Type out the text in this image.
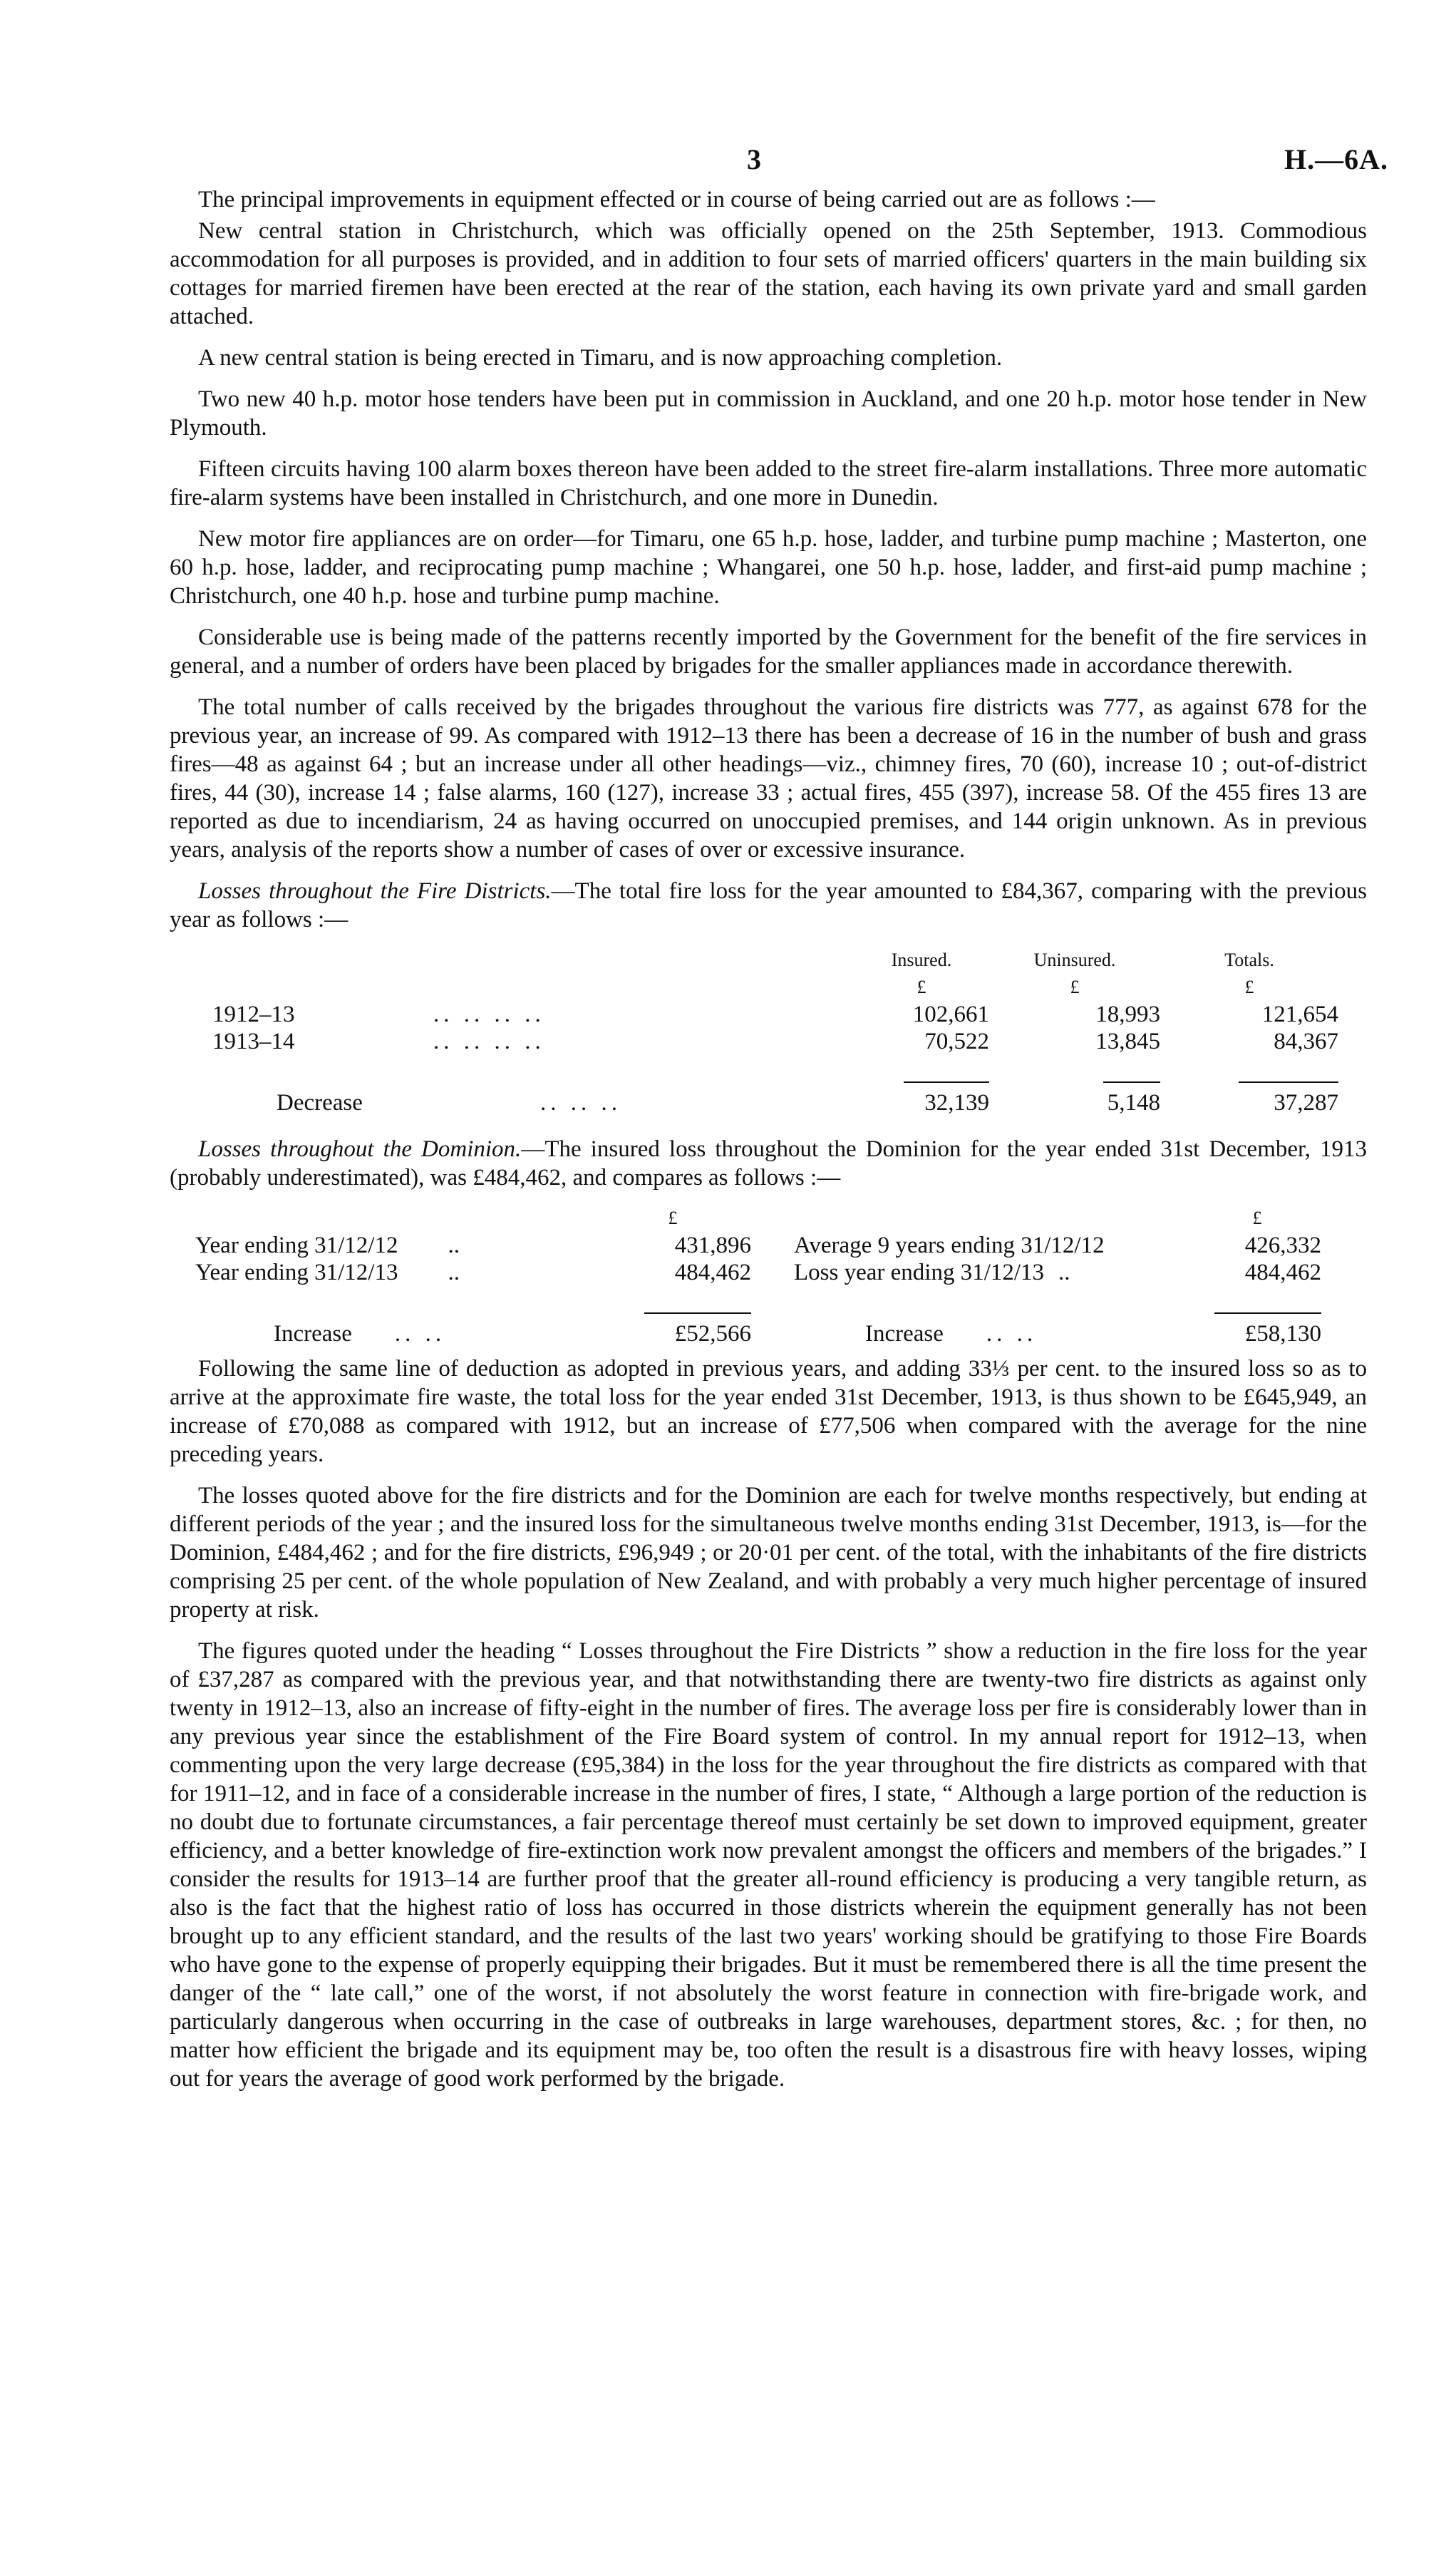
3	H.—6A.

The principal improvements in equipment effected or in course of being carried out are as follows :—

New central station in Christchurch, which was officially opened on the 25th September, 1913. Commodious accommodation for all purposes is provided, and in addition to four sets of married officers' quarters in the main building six cottages for married firemen have been erected at the rear of the station, each having its own private yard and small garden attached.

A new central station is being erected in Timaru, and is now approaching completion.

Two new 40 h.p. motor hose tenders have been put in commission in Auckland, and one 20 h.p. motor hose tender in New Plymouth.

Fifteen circuits having 100 alarm boxes thereon have been added to the street fire-alarm installations. Three more automatic fire-alarm systems have been installed in Christchurch, and one more in Dunedin.

New motor fire appliances are on order—for Timaru, one 65 h.p. hose, ladder, and turbine pump machine ; Masterton, one 60 h.p. hose, ladder, and reciprocating pump machine ; Whangarei, one 50 h.p. hose, ladder, and first-aid pump machine ; Christchurch, one 40 h.p. hose and turbine pump machine.

Considerable use is being made of the patterns recently imported by the Government for the benefit of the fire services in general, and a number of orders have been placed by brigades for the smaller appliances made in accordance therewith.

The total number of calls received by the brigades throughout the various fire districts was 777, as against 678 for the previous year, an increase of 99. As compared with 1912–13 there has been a decrease of 16 in the number of bush and grass fires—48 as against 64 ; but an increase under all other headings—viz., chimney fires, 70 (60), increase 10 ; out-of-district fires, 44 (30), increase 14 ; false alarms, 160 (127), increase 33 ; actual fires, 455 (397), increase 58. Of the 455 fires 13 are reported as due to incendiarism, 24 as having occurred on unoccupied premises, and 144 origin unknown. As in previous years, analysis of the reports show a number of cases of over or excessive insurance.

Losses throughout the Fire Districts.—The total fire loss for the year amounted to £84,367, comparing with the previous year as follows :—

		Insured.	Uninsured.	Totals.
		£	£	£
1912–13	.. .. .. ..	102,661	18,993	121,654
1913–14	.. .. .. ..	70,522	13,845	84,367

Decrease	.. .. ..	32,139	5,148	37,287

Losses throughout the Dominion.—The insured loss throughout the Dominion for the year ended 31st December, 1913 (probably underestimated), was £484,462, and compares as follows :—

	£		£
Year ending 31/12/12 ..	431,896	Average 9 years ending 31/12/12	426,332
Year ending 31/12/13 ..	484,462	Loss year ending 31/12/13 ..	484,462

Increase .. ..	£52,566	Increase .. ..	£58,130

Following the same line of deduction as adopted in previous years, and adding 33⅓ per cent. to the insured loss so as to arrive at the approximate fire waste, the total loss for the year ended 31st December, 1913, is thus shown to be £645,949, an increase of £70,088 as compared with 1912, but an increase of £77,506 when compared with the average for the nine preceding years.

The losses quoted above for the fire districts and for the Dominion are each for twelve months respectively, but ending at different periods of the year ; and the insured loss for the simultaneous twelve months ending 31st December, 1913, is—for the Dominion, £484,462 ; and for the fire districts, £96,949 ; or 20·01 per cent. of the total, with the inhabitants of the fire districts comprising 25 per cent. of the whole population of New Zealand, and with probably a very much higher percentage of insured property at risk.

The figures quoted under the heading “ Losses throughout the Fire Districts ” show a reduction in the fire loss for the year of £37,287 as compared with the previous year, and that notwithstanding there are twenty-two fire districts as against only twenty in 1912–13, also an increase of fifty-eight in the number of fires. The average loss per fire is considerably lower than in any previous year since the establishment of the Fire Board system of control. In my annual report for 1912–13, when commenting upon the very large decrease (£95,384) in the loss for the year throughout the fire districts as compared with that for 1911–12, and in face of a considerable increase in the number of fires, I state, “ Although a large portion of the reduction is no doubt due to fortunate circumstances, a fair percentage thereof must certainly be set down to improved equipment, greater efficiency, and a better knowledge of fire-extinction work now prevalent amongst the officers and members of the brigades.” I consider the results for 1913–14 are further proof that the greater all-round efficiency is producing a very tangible return, as also is the fact that the highest ratio of loss has occurred in those districts wherein the equipment generally has not been brought up to any efficient standard, and the results of the last two years' working should be gratifying to those Fire Boards who have gone to the expense of properly equipping their brigades. But it must be remembered there is all the time present the danger of the “ late call,” one of the worst, if not absolutely the worst feature in connection with fire-brigade work, and particularly dangerous when occurring in the case of outbreaks in large warehouses, department stores, &c. ; for then, no matter how efficient the brigade and its equipment may be, too often the result is a disastrous fire with heavy losses, wiping out for years the average of good work performed by the brigade.
